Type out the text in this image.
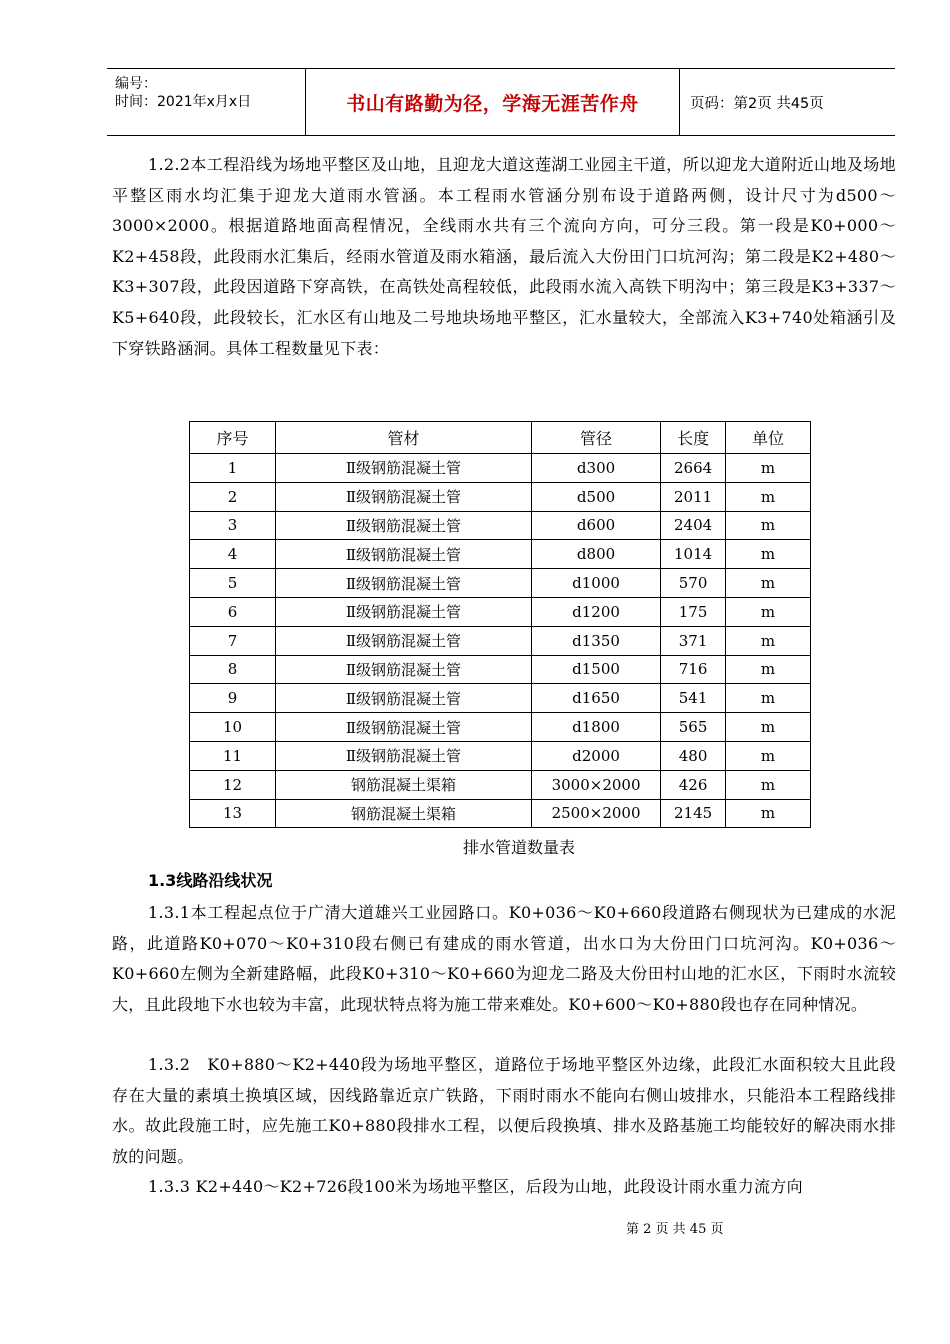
编号：
时间：2021年x月x日	书山有路勤为径，学海无涯苦作舟	页码：第2页 共45页

1.2.2本工程沿线为场地平整区及山地，且迎龙大道这莲湖工业园主干道，所以迎龙大道附近山地及场地平整区雨水均汇集于迎龙大道雨水管涵。本工程雨水管涵分别布设于道路两侧，设计尺寸为d500～3000×2000。根据道路地面高程情况，全线雨水共有三个流向方向，可分三段。第一段是K0+000～K2+458段，此段雨水汇集后，经雨水管道及雨水箱涵，最后流入大份田门口坑河沟；第二段是K2+480～K3+307段，此段因道路下穿高铁，在高铁处高程较低，此段雨水流入高铁下明沟中；第三段是K3+337～K5+640段，此段较长，汇水区有山地及二号地块场地平整区，汇水量较大，全部流入K3+740处箱涵引及下穿铁路涵洞。具体工程数量见下表：

序号	管材	管径	长度	单位
1	Ⅱ级钢筋混凝土管	d300	2664	m
2	Ⅱ级钢筋混凝土管	d500	2011	m
3	Ⅱ级钢筋混凝土管	d600	2404	m
4	Ⅱ级钢筋混凝土管	d800	1014	m
5	Ⅱ级钢筋混凝土管	d1000	570	m
6	Ⅱ级钢筋混凝土管	d1200	175	m
7	Ⅱ级钢筋混凝土管	d1350	371	m
8	Ⅱ级钢筋混凝土管	d1500	716	m
9	Ⅱ级钢筋混凝土管	d1650	541	m
10	Ⅱ级钢筋混凝土管	d1800	565	m
11	Ⅱ级钢筋混凝土管	d2000	480	m
12	钢筋混凝土渠箱	3000×2000	426	m
13	钢筋混凝土渠箱	2500×2000	2145	m
排水管道数量表
1.3线路沿线状况

1.3.1本工程起点位于广清大道雄兴工业园路口。K0+036～K0+660段道路右侧现状为已建成的水泥路，此道路K0+070～K0+310段右侧已有建成的雨水管道，出水口为大份田门口坑河沟。K0+036～K0+660左侧为全新建路幅，此段K0+310～K0+660为迎龙二路及大份田村山地的汇水区，下雨时水流较大，且此段地下水也较为丰富，此现状特点将为施工带来难处。K0+600～K0+880段也存在同种情况。

1.3.2　K0+880～K2+440段为场地平整区，道路位于场地平整区外边缘，此段汇水面积较大且此段存在大量的素填土换填区域，因线路靠近京广铁路，下雨时雨水不能向右侧山坡排水，只能沿本工程路线排水。故此段施工时，应先施工K0+880段排水工程，以便后段换填、排水及路基施工均能较好的解决雨水排放的问题。

1.3.3 K2+440～K2+726段100米为场地平整区，后段为山地，此段设计雨水重力流方向

第 2 页 共 45 页
